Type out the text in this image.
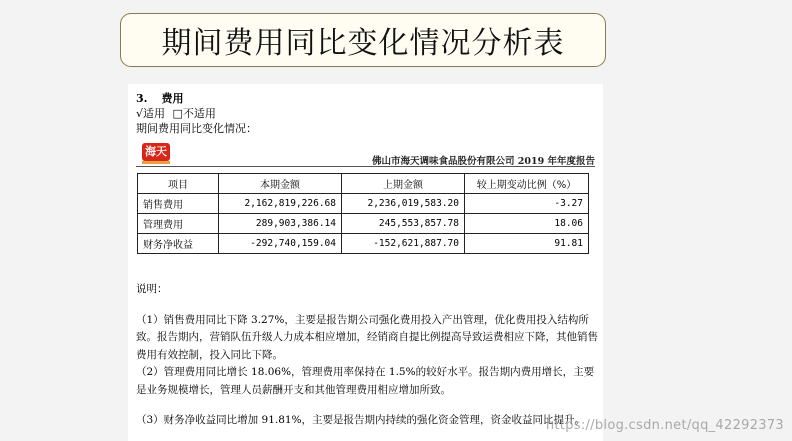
期间费用同比变化情况分析表
3. 费用
√适用 □不适用
期间费用同比变化情况：
海天
佛山市海天调味食品股份有限公司 2019 年年度报告
项目	本期金额	上期金额	较上期变动比例（%）
销售费用	2,162,819,226.68	2,236,019,583.20	-3.27
管理费用	289,903,386.14	245,553,857.78	18.06
财务净收益	-292,740,159.04	-152,621,887.70	91.81

说明：

（1）销售费用同比下降 3.27%，主要是报告期公司强化费用投入产出管理，优化费用投入结构所致。报告期内，营销队伍升级人力成本相应增加，经销商自提比例提高导致运费相应下降，其他销售费用有效控制，投入同比下降。

（2）管理费用同比增长 18.06%，管理费用率保持在 1.5%的较好水平。报告期内费用增长，主要是业务规模增长，管理人员薪酬开支和其他管理费用相应增加所致。

（3）财务净收益同比增加 91.81%，主要是报告期内持续的强化资金管理，资金收益同比提升。

https://blog.csdn.net/qq_42292373
